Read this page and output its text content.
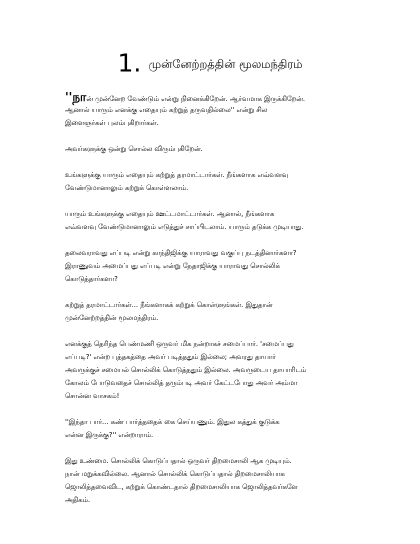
1. முன்னேற்றத்தின் மூலமந்திரம்
''நான் முன்னேற வேண்டும் என்று நினைக்கிறேன். ஆர்வமாக இருக்கிறேன்.
ஆனால் யாரும் எனக்கு எதையும் கற்றுத் தருவதில்லை'' என்று சில
இளைஞர்கள் புலம்புகிறார்கள்.
அவர்களுக்கு ஒன்று சொல்ல விரும்புகிறேன்.
உங்களுக்கு யாரும் எதையும் கற்றுத் தரமாட்டார்கள். நீங்களாக எவ்வளவு
வேண்டுமானாலும் கற்றுக் கொள்ளலாம்.
யாரும் உங்களுக்கு எதையும் ஊட்டமாட்டார்கள். ஆனால், நீங்களாக
எவ்வளவு வேண்டுமானாலும் எடுத்துச் சாப்பிடலாம். யாரும் தடுக்க முடியாது.
தலைவராவது எப்படி என்று காந்திஜிக்கு யாராவது வகுப்பு நடத்தினார்களா?
இராணுவம் அமைப்பது எப்படி என்று நேதாஜிக்கு யாராவது சொல்லிக்
கொடுத்தார்களா?
கற்றுத் தரமாட்டார்கள்... நீங்களாகக் கற்றுக் கொள்ளுங்கள். இதுதான்
முன்னேற்றத்தின் மூலமந்திரம்.
எனக்குத் தெரிந்த பெண்மணி ஒருவர் மிக நன்றாகச் சமைப்பார். 'சமைப்பது
எப்படி?' என்ற புத்தகத்தை அவர் படித்ததும் இல்லை; அவரது தாயார்
அவருக்குச் சமையல் சொல்லிக் கொடுத்ததும் இல்லை. அவருடைய தாயாரிடம்
கோலம் போடுவதைச் சொல்லித் தரும்படி அவர் கேட்டபோது அவர் அம்மா
சொன்ன வாசகம்!
''இந்தா பார்... கண் பார்த்ததைக் கை செய்யணும். இதுல கத்துக் குடுக்க
என்ன இருக்கு?'' என்றாராம்.
இது உண்மை. சொல்லிக் கொடுப்பதால் ஒருவர் திறமைசாலி ஆக முடியும்.
நான் மறுக்கவில்லை. ஆனால் சொல்லிக் கொடுப்பதால் திறமைசாலியாக
ஜொலித்தவைவிட, கற்றுக் கொண்டதால் திறமைசாலியாக ஜொலித்தவர்களே
அதிகம்.
